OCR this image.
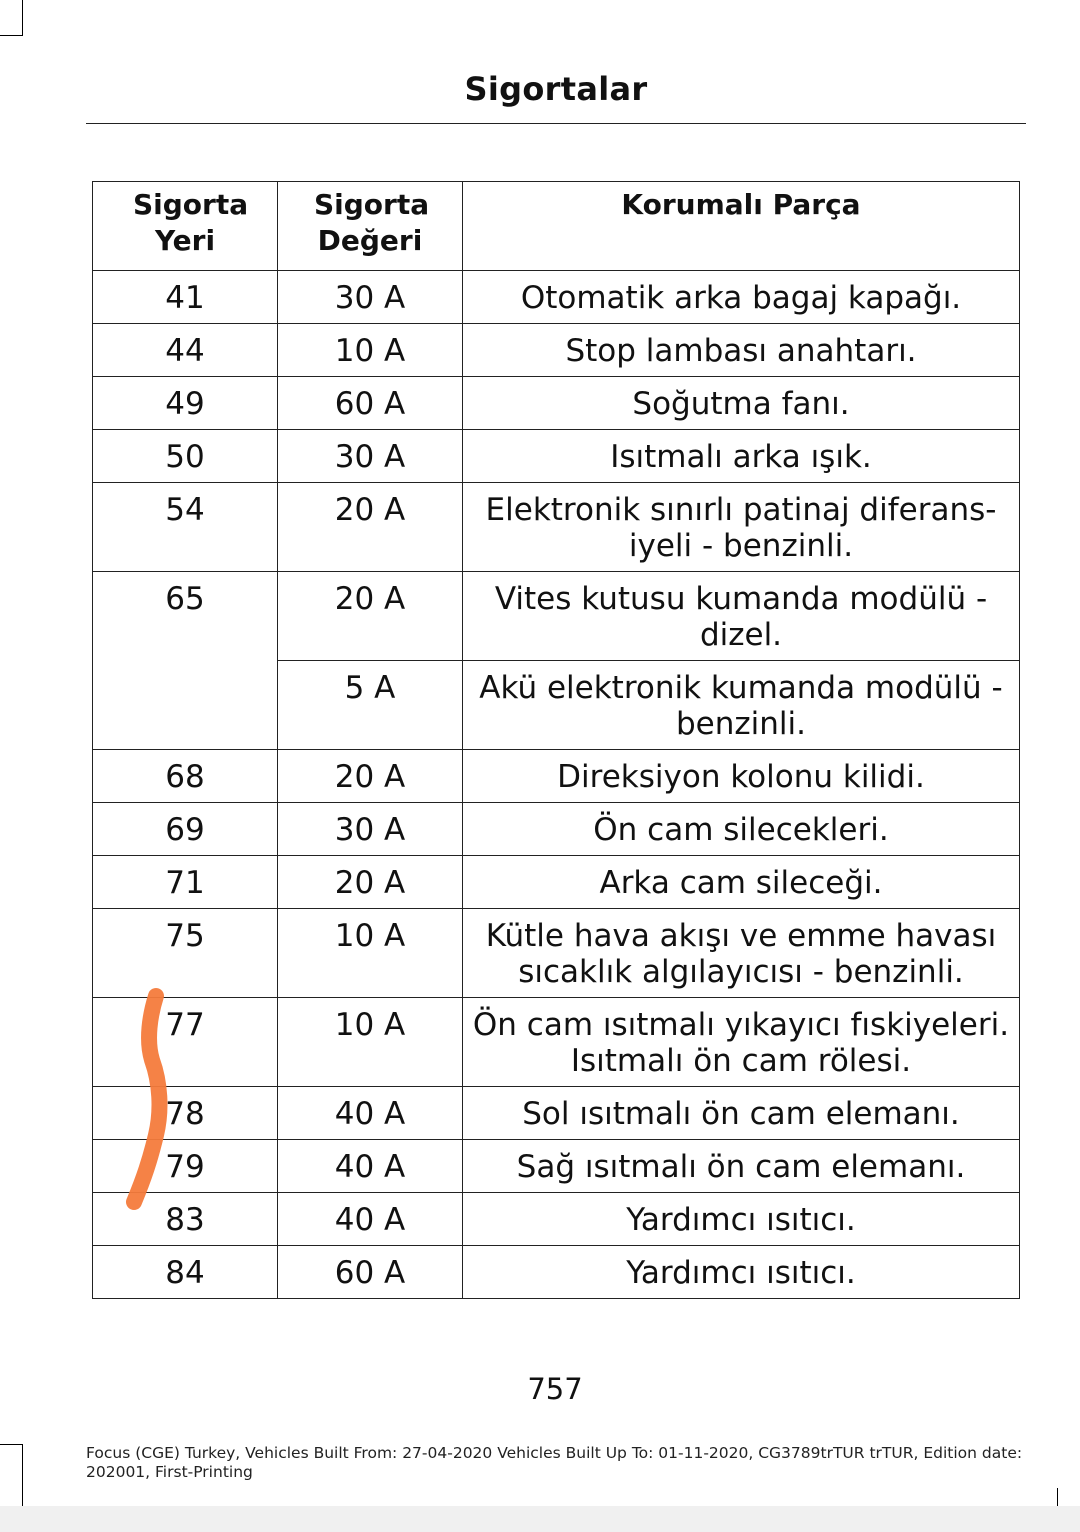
Sigortalar
Sigorta Yeri	Sigorta Değeri	Korumalı Parça
41	30 A	Otomatik arka bagaj kapağı.
44	10 A	Stop lambası anahtarı.
49	60 A	Soğutma fanı.
50	30 A	Isıtmalı arka ışık.
54	20 A	Elektronik sınırlı patinaj diferansiyeli - benzinli.
65	20 A	Vites kutusu kumanda modülü - dizel.
	5 A	Akü elektronik kumanda modülü - benzinli.
68	20 A	Direksiyon kolonu kilidi.
69	30 A	Ön cam silecekleri.
71	20 A	Arka cam sileceği.
75	10 A	Kütle hava akışı ve emme havası sıcaklık algılayıcısı - benzinli.
77	10 A	Ön cam ısıtmalı yıkayıcı fıskiyeleri. Isıtmalı ön cam rölesi.
78	40 A	Sol ısıtmalı ön cam elemanı.
79	40 A	Sağ ısıtmalı ön cam elemanı.
83	40 A	Yardımcı ısıtıcı.
84	60 A	Yardımcı ısıtıcı.
757
Focus (CGE) Turkey, Vehicles Built From: 27-04-2020 Vehicles Built Up To: 01-11-2020, CG3789trTUR trTUR, Edition date: 202001, First-Printing
